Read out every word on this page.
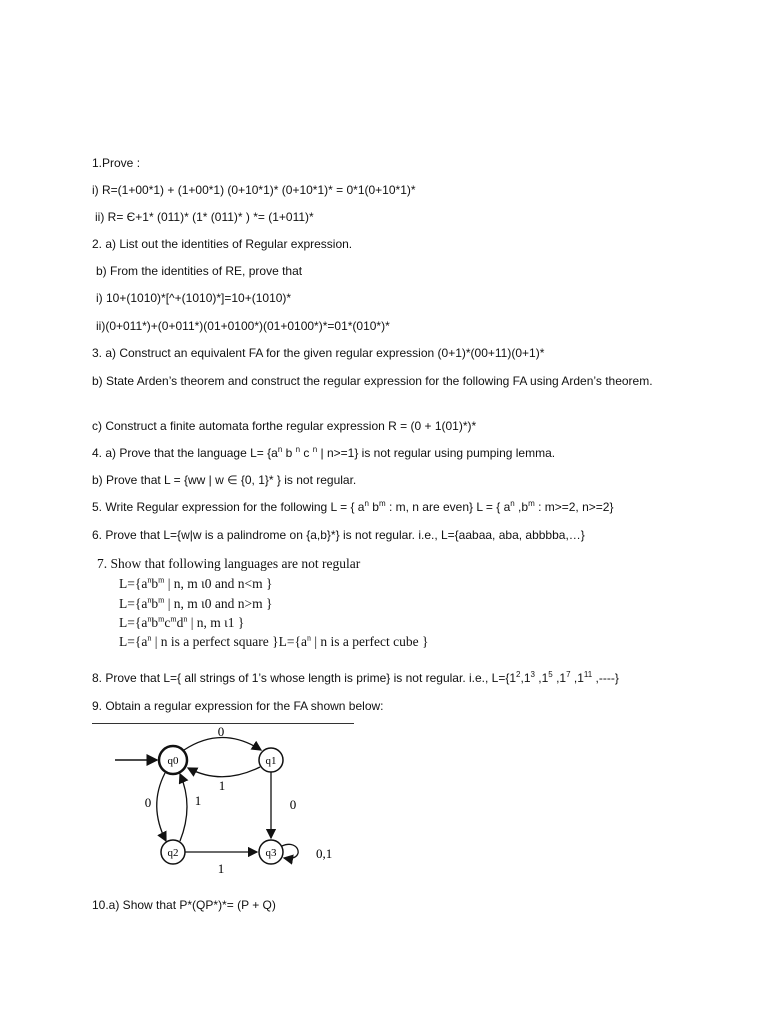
1.Prove :
i) R=(1+00*1) + (1+00*1) (0+10*1)* (0+10*1)* = 0*1(0+10*1)*
ii) R= Є+1* (011)* (1* (011)* ) *= (1+011)*
2. a) List out the identities of Regular expression.
b) From the identities of RE, prove that
i) 10+(1010)*[^+(1010)*]=10+(1010)*
ii)(0+011*)+(0+011*)(01+0100*)(01+0100*)*=01*(010*)*
3. a) Construct an equivalent FA for the given regular expression (0+1)*(00+11)(0+1)*
b) State Arden’s theorem and construct the regular expression for the following FA using Arden’s theorem.
c) Construct a finite automata forthe regular expression R = (0 + 1(01)*)*
4. a) Prove that the language $L= \{a^n$ b $^n$ c $^n$ | n>=1} is not regular using pumping lemma.
b) Prove that L = {ww | w ∈ {0, 1}* } is not regular.
5. Write Regular expression for the following L = { $a^n$ $b^m$ : m, n are even} L = { $a^n$ $,b^m$ : m>=2, n>=2}
6. Prove that L={w|w is a palindrome on {a,b}*} is not regular. i.e., L={aabaa, aba, abbbba,…}
7. Show that following languages are not regular
$L=\{a^nb^m$ | n, m ɩ0 and n<m }
$L=\{a^nb^m$ | n, m ɩ0 and n>m }
$L=\{a^nb^mc^md^n$ | n, m ɩ1 }
$L=\{a^n$ | n is a perfect square }$L=\{a^n$ | n is a perfect cube }
8. Prove that L={ all strings of 1’s whose length is prime} is not regular. i.e., $L=\{1^2,1^3$ $,1^5$ $,1^7$ $,1^{11}$ ,----}
9. Obtain a regular expression for the FA shown below:
q0	q1
q2	q3
0
1
0	1	0
1
0,1
10.a) Show that P*(QP*)*= (P + Q)
